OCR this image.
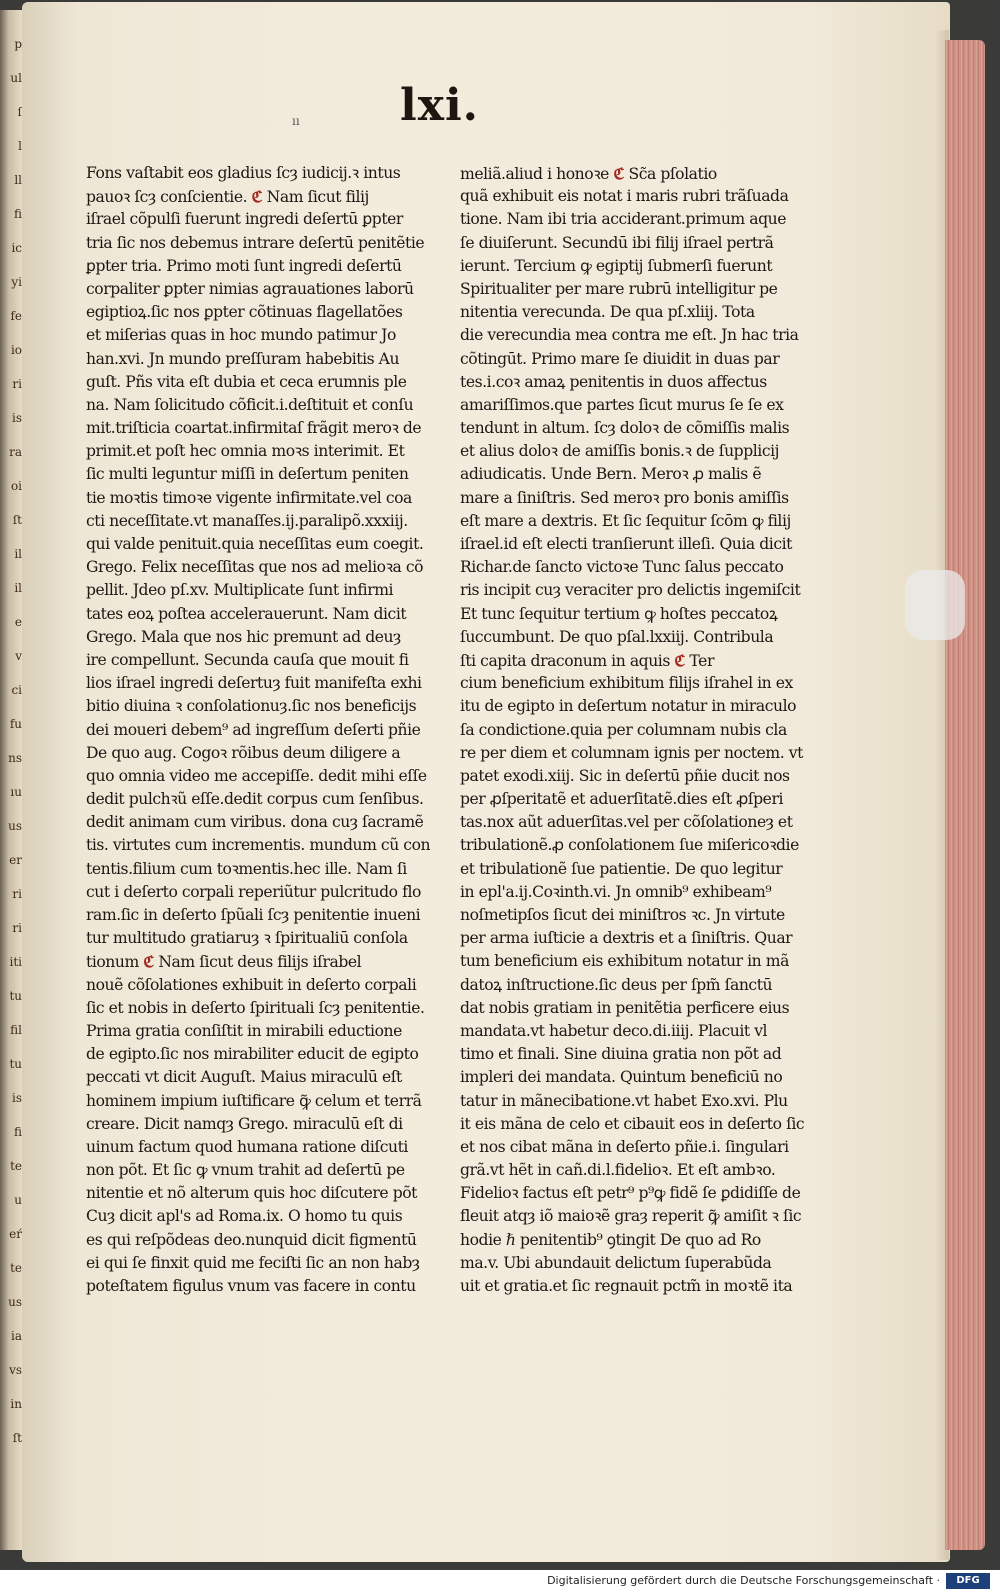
p
ul
ſ
l
ll
fi
ic
yi
fe
io
ri
is
ra
oi
ſt
il
il
e
v
ci
fu
ns
ıu
us
er
ri
ri
iti
tu
fil
tu
is
fi
te
u
eŕ
te
us
ia
vs
in
ſt
lxi.
ıı
Fons vaſtabit eos gladius ſcȝ iudicij.ꝛ intus
pauoꝛ ſcȝ conſcientie. ℭ Nam ſicut filij
iſrael cõpulſi fuerunt ingredi deſertū ꝑpter
tria ſic nos debemus intrare deſertū penitẽtie
ꝑpter tria. Primo moti ſunt ingredi deſertū
corpaliter ꝑpter nimias agrauationes laborū
egiptioꝝ.ſic nos ꝑpter cõtinuas flagellatões
et miſerias quas in hoc mundo patimur Jo
han.xvi. Jn mundo preſſuram habebitis Au
guſt. Pñs vita eſt dubia et ceca erumnis ple
na. Nam ſolicitudo cõficit.i.deſtituit et conſu
mit.triſticia coartat.infirmitaſ frãgit meroꝛ de
primit.et poſt hec omnia moꝛs interimit. Et
ſic multi leguntur miſſi in deſertum peniten
tie moꝛtis timoꝛe vigente infirmitate.vel coa
cti neceſſitate.vt manaſſes.ij.paralipõ.xxxiij.
qui valde penituit.quia neceſſitas eum coegit.
Grego. Felix neceſſitas que nos ad melioꝛa cõ
pellit. Jdeo pſ.xv. Multiplicate ſunt infirmi
tates eoꝝ poſtea accelerauerunt. Nam dicit
Grego. Mala que nos hic premunt ad deuȝ
ire compellunt. Secunda cauſa que mouit fi
lios iſrael ingredi deſertuȝ fuit manifeſta exhi
bitio diuina ꝛ conſolationuȝ.ſic nos beneficijs
dei moueri debem⁹ ad ingreſſum deſerti pñie
De quo aug. Cogoꝛ rõibus deum diligere a
quo omnia video me accepiſſe. dedit mihi eſſe
dedit pulchꝛũ eſſe.dedit corpus cum ſenſibus.
dedit animam cum viribus. dona cuȝ ſacramẽ
tis. virtutes cum incrementis. mundum cũ con
tentis.filium cum toꝛmentis.hec ille. Nam ſi
cut i deſerto corpali reperiũtur pulcritudo flo
ram.ſic in deſerto ſpũali ſcȝ penitentie inueni
tur multitudo gratiaruȝ ꝛ ſpiritualiū conſola
tionum ℭ Nam ſicut deus filijs iſrabel
nouẽ cõſolationes exhibuit in deſerto corpali
ſic et nobis in deſerto ſpirituali ſcȝ penitentie.
Prima gratia conſiſtit in mirabili eductione
de egipto.ſic nos mirabiliter educit de egipto
peccati vt dicit Auguſt. Maius miraculū eſt
hominem impium iuſtificare ꝙ̃ celum et terrã
creare. Dicit namqȝ Grego. miraculū eſt di
uinum factum quod humana ratione diſcuti
non põt. Et ſic ꝙ vnum trahit ad deſertū pe
nitentie et nõ alterum quis hoc diſcutere põt
Cuȝ dicit apl's ad Roma.ix. O homo tu quis
es qui reſpõdeas deo.nunquid dicit figmentū
ei qui ſe finxit quid me feciſti ſic an non habȝ
poteſtatem figulus vnum vas facere in contu
meliã.aliud i honoꝛe ℭ Sc̃a pſolatio
quã exhibuit eis notat i maris rubri trãſuada
tione. Nam ibi tria acciderant.primum aque
ſe diuiſerunt. Secundū ibi filij iſrael pertrã
ierunt. Tercium ꝙ egiptij ſubmerſi fuerunt
Spiritualiter per mare rubrū intelligitur pe
nitentia verecunda. De qua pſ.xliij. Tota
die verecundia mea contra me eſt. Jn hac tria
cõtingūt. Primo mare ſe diuidit in duas par
tes.i.coꝛ amaꝝ penitentis in duos affectus
amariſſimos.que partes ſicut murus ſe ſe ex
tendunt in altum. ſcȝ doloꝛ de cõmiſſis malis
et alius doloꝛ de amiſſis bonis.ꝛ de ſupplicij
adiudicatis. Unde Bern. Meroꝛ ꝓ malis ẽ
mare a ſiniſtris. Sed meroꝛ pro bonis amiſſis
eſt mare a dextris. Et ſic ſequitur ſcōm ꝙ filij
iſrael.id eſt electi tranſierunt illeſi. Quia dicit
Richar.de ſancto victoꝛe Tunc ſalus peccato
ris incipit cuȝ veraciter pro delictis ingemiſcit
Et tunc ſequitur tertium ꝙ hoſtes peccatoꝝ
ſuccumbunt. De quo pſal.lxxiij. Contribula
ſti capita draconum in aquis ℭ Ter
cium beneficium exhibitum filijs iſrahel in ex
itu de egipto in deſertum notatur in miraculo
ſa condictione.quia per columnam nubis cla
re per diem et columnam ignis per noctem. vt
patet exodi.xiij. Sic in deſertū pñie ducit nos
per ꝓſperitatẽ et aduerſitatẽ.dies eſt ꝓſperi
tas.nox aũt aduerſitas.vel per cõſolationeȝ et
tribulationẽ.ꝓ conſolationem ſue miſericoꝛdie
et tribulationẽ ſue patientie. De quo legitur
in epl'a.ij.Coꝛinth.vi. Jn omnib⁹ exhibeam⁹
noſmetipſos ſicut dei miniſtros ꝛc. Jn virtute
per arma iuſticie a dextris et a ſiniſtris. Quar
tum beneficium eis exhibitum notatur in mã
datoꝝ inſtructione.ſic deus per ſpm̃ ſanctū
dat nobis gratiam in penitẽtia perficere eius
mandata.vt habetur deco.di.iiij. Placuit vl
timo et finali. Sine diuina gratia non põt ad
impleri dei mandata. Quintum beneficiū no
tatur in mãnecibatione.vt habet Exo.xvi. Plu
it eis mãna de celo et cibauit eos in deſerto ſic
et nos cibat mãna in deſerto pñie.i. ſingulari
grã.vt hẽt in cañ.di.l.fidelioꝛ. Et eſt ambꝛo.
Fidelioꝛ factus eſt petr⁹ p⁹ꝙ fidẽ ſe ꝑdidiſſe de
fleuit atqȝ iõ maioꝛẽ graȝ reperit ꝙ̃ amiſit ꝛ ſic
hodie ℏ penitentib⁹ ꝯtingit De quo ad Ro
ma.v. Ubi abundauit delictum ſuperabũda
uit et gratia.et ſic regnauit pctm̃ in moꝛtẽ ita
Digitalisierung gefördert durch die Deutsche Forschungsgemeinschaft ·	DFG
